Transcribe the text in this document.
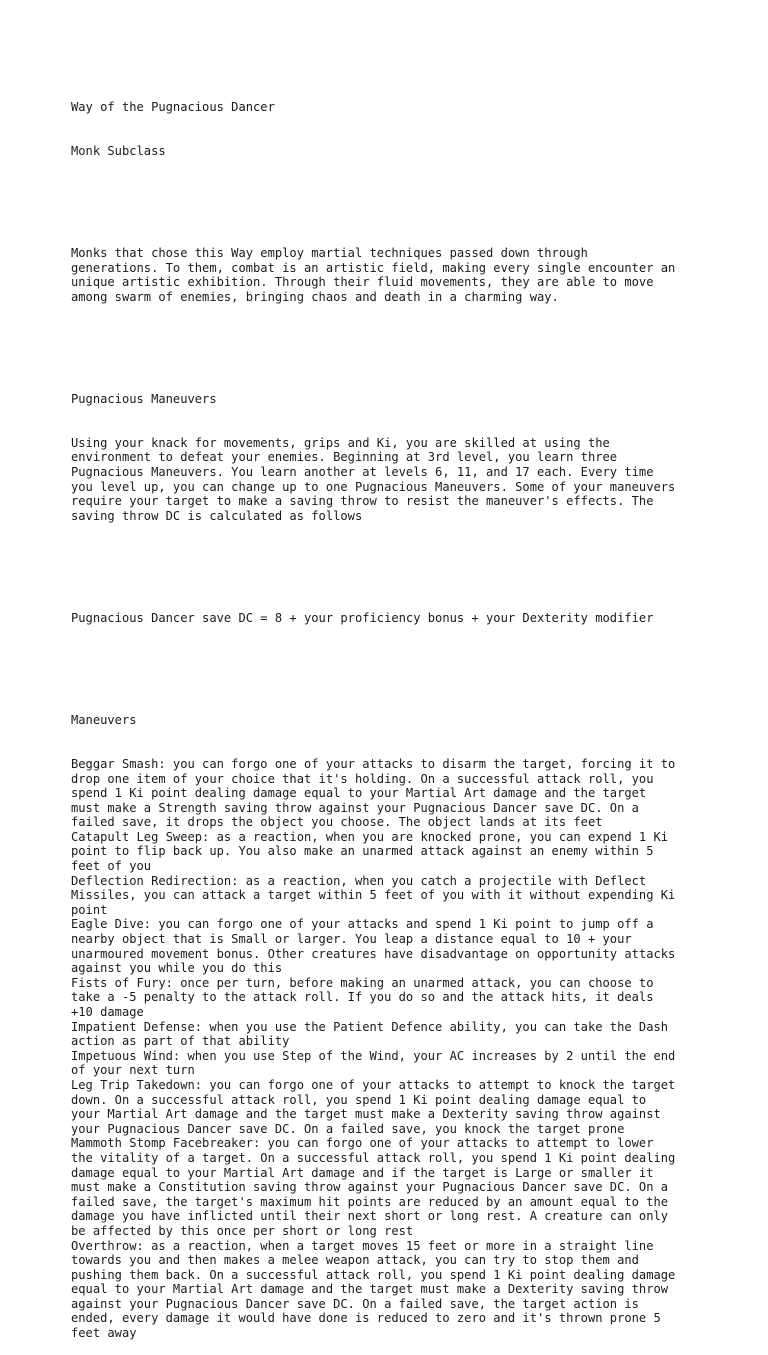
Way of the Pugnacious Dancer

Monk Subclass

Monks that chose this Way employ martial techniques passed down through
generations. To them, combat is an artistic field, making every single encounter an
unique artistic exhibition. Through their fluid movements, they are able to move
among swarm of enemies, bringing chaos and death in a charming way.

Pugnacious Maneuvers

Using your knack for movements, grips and Ki, you are skilled at using the
environment to defeat your enemies. Beginning at 3rd level, you learn three
Pugnacious Maneuvers. You learn another at levels 6, 11, and 17 each. Every time
you level up, you can change up to one Pugnacious Maneuvers. Some of your maneuvers
require your target to make a saving throw to resist the maneuver's effects. The
saving throw DC is calculated as follows

Pugnacious Dancer save DC = 8 + your proficiency bonus + your Dexterity modifier

Maneuvers

Beggar Smash: you can forgo one of your attacks to disarm the target, forcing it to
drop one item of your choice that it's holding. On a successful attack roll, you
spend 1 Ki point dealing damage equal to your Martial Art damage and the target
must make a Strength saving throw against your Pugnacious Dancer save DC. On a
failed save, it drops the object you choose. The object lands at its feet
Catapult Leg Sweep: as a reaction, when you are knocked prone, you can expend 1 Ki
point to flip back up. You also make an unarmed attack against an enemy within 5
feet of you
Deflection Redirection: as a reaction, when you catch a projectile with Deflect
Missiles, you can attack a target within 5 feet of you with it without expending Ki
point
Eagle Dive: you can forgo one of your attacks and spend 1 Ki point to jump off a
nearby object that is Small or larger. You leap a distance equal to 10 + your
unarmoured movement bonus. Other creatures have disadvantage on opportunity attacks
against you while you do this
Fists of Fury: once per turn, before making an unarmed attack, you can choose to
take a -5 penalty to the attack roll. If you do so and the attack hits, it deals
+10 damage
Impatient Defense: when you use the Patient Defence ability, you can take the Dash
action as part of that ability
Impetuous Wind: when you use Step of the Wind, your AC increases by 2 until the end
of your next turn
Leg Trip Takedown: you can forgo one of your attacks to attempt to knock the target
down. On a successful attack roll, you spend 1 Ki point dealing damage equal to
your Martial Art damage and the target must make a Dexterity saving throw against
your Pugnacious Dancer save DC. On a failed save, you knock the target prone
Mammoth Stomp Facebreaker: you can forgo one of your attacks to attempt to lower
the vitality of a target. On a successful attack roll, you spend 1 Ki point dealing
damage equal to your Martial Art damage and if the target is Large or smaller it
must make a Constitution saving throw against your Pugnacious Dancer save DC. On a
failed save, the target's maximum hit points are reduced by an amount equal to the
damage you have inflicted until their next short or long rest. A creature can only
be affected by this once per short or long rest
Overthrow: as a reaction, when a target moves 15 feet or more in a straight line
towards you and then makes a melee weapon attack, you can try to stop them and
pushing them back. On a successful attack roll, you spend 1 Ki point dealing damage
equal to your Martial Art damage and the target must make a Dexterity saving throw
against your Pugnacious Dancer save DC. On a failed save, the target action is
ended, every damage it would have done is reduced to zero and it's thrown prone 5
feet away
